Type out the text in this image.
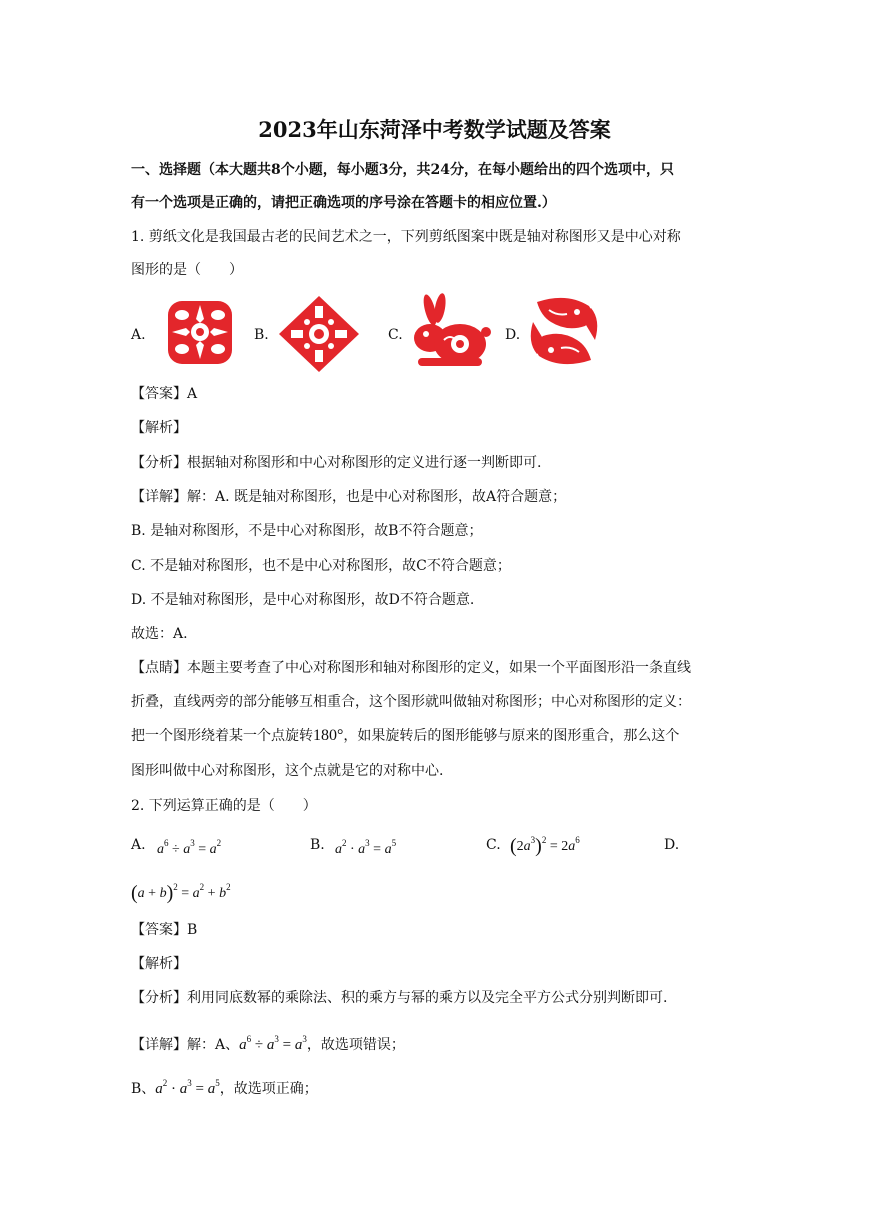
2023年山东菏泽中考数学试题及答案
一、选择题（本大题共8个小题，每小题3分，共24分，在每小题给出的四个选项中，只
有一个选项是正确的，请把正确选项的序号涂在答题卡的相应位置.）
1. 剪纸文化是我国最古老的民间艺术之一，下列剪纸图案中既是轴对称图形又是中心对称
图形的是（　　）
A.	B.	C.	D.
【答案】A
【解析】
【分析】根据轴对称图形和中心对称图形的定义进行逐一判断即可.
【详解】解：A. 既是轴对称图形，也是中心对称图形，故A符合题意；
B. 是轴对称图形，不是中心对称图形，故B不符合题意；
C. 不是轴对称图形，也不是中心对称图形，故C不符合题意；
D. 不是轴对称图形，是中心对称图形，故D不符合题意.
故选：A.
【点睛】本题主要考查了中心对称图形和轴对称图形的定义，如果一个平面图形沿一条直线
折叠，直线两旁的部分能够互相重合，这个图形就叫做轴对称图形；中心对称图形的定义：
把一个图形绕着某一个点旋转180°，如果旋转后的图形能够与原来的图形重合，那么这个
图形叫做中心对称图形，这个点就是它的对称中心.
2. 下列运算正确的是（　　）
A. $a^6 \div a^3 = a^2$	B. $a^2 \cdot a^3 = a^5$	C. $(2a^3)^2 = 2a^6$	D.
$(a + b)^2 = a^2 + b^2$
【答案】B
【解析】
【分析】利用同底数幂的乘除法、积的乘方与幂的乘方以及完全平方公式分别判断即可.
【详解】解：A、$a^6 \div a^3 = a^3$，故选项错误；
B、$a^2 \cdot a^3 = a^5$，故选项正确；
